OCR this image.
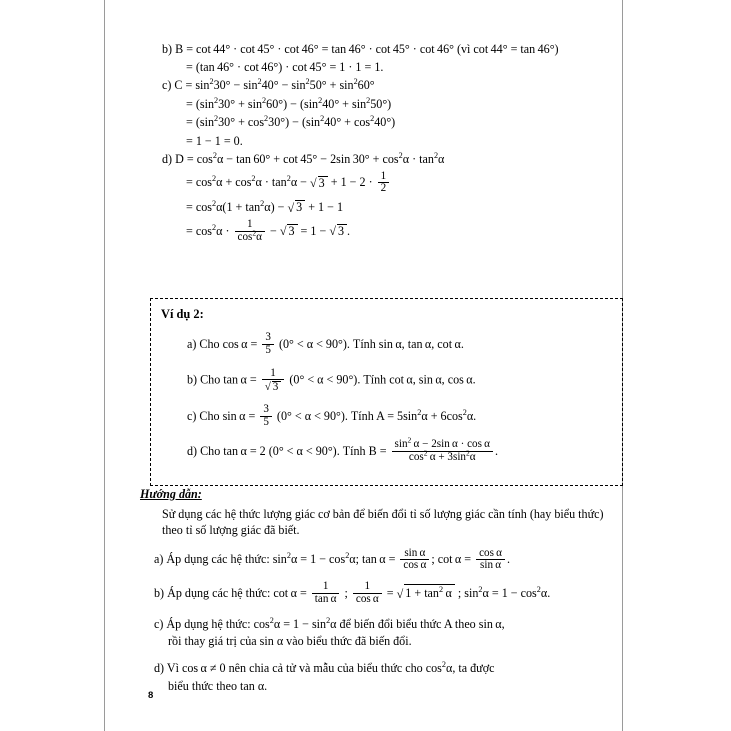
b) B = cot 44° · cot 45° · cot 46° = tan 46° · cot 45° · cot 46° (vì cot 44° = tan 46°)
= (tan 46° · cot 46°) · cot 45° = 1 · 1 = 1.
c) $C = \sin^230^\circ - \sin^240^\circ - \sin^250^\circ + \sin^260^\circ$
= $(\sin^230^\circ + \sin^260^\circ) - (\sin^240^\circ + \sin^250^\circ)$
= $(\sin^230^\circ + \cos^230^\circ) - (\sin^240^\circ + \cos^240^\circ)$
= 1 − 1 = 0.
d) $D = \cos^2\alpha - \tan 60^\circ + \cot 45^\circ - 2\sin$ $30^\circ + \cos^2\alpha \cdot \tan^2\alpha$
= $\cos^2\alpha + \cos^2\alpha \cdot \tan^2\alpha$ − √ $3 + 1 - 2 \cdot \frac{1}{2}$
= $\cos^2\alpha(1 + \tan^2\alpha)$ − √ 3 + 1 − 1
= $\cos^2\alpha \cdot \frac{1}{\cos^2\alpha}$ − √ 3 = 1 − √ 3 .
Ví dụ 2:
a) Cho $\cos \alpha = \frac{3}{5} (0^\circ < \alpha < 90^\circ)$. Tính sin α, tan α, cot α.
b) Cho $\tan \alpha = \frac{1}{√ 3} (0^\circ < \alpha < 90^\circ)$. Tính cot α, sin α, cos α.
c) Cho $\sin \alpha = \frac{3}{5} (0^\circ < \alpha < 90^\circ)$. Tính $A = 5\sin^2\alpha + 6\cos^2\alpha$.
d) Cho tan α = 2 (0° < α < 90°). Tính $B = \frac{\sin^2 \alpha - 2\sin \alpha \cdot \cos \alpha}{\cos^2 \alpha + 3\sin^2\alpha}$ .
Hướng dẫn:
Sử dụng các hệ thức lượng giác cơ bản để biến đổi tỉ số lượng giác cần tính (hay biểu thức) theo tỉ số lượng giác đã biết.
a) Áp dụng các hệ thức: $\sin^2\alpha = 1 - \cos^2\alpha$; $\tan \alpha = \frac{\text{sin α}}{\text{cos α}}$ ; $\cot \alpha = \frac{\text{cos α}}{\text{sin α}}$ .
b) Áp dụng các hệ thức: $\cot \alpha = \frac{1}{\text{tan α}}$ ; $\frac{1}{\text{cos α}}$ = √ $1 + \tan^2 \alpha$ ; $\sin^2\alpha = 1 - \cos^2\alpha$.
c) Áp dụng hệ thức: $\cos^2\alpha = 1 - \sin^2\alpha$ để biến đổi biểu thức A theo sin α,
rồi thay giá trị của sin α vào biểu thức đã biến đổi.
d) Vì cos α ≠ 0 nên chia cả tử và mẫu của biểu thức cho $\cos^2\alpha$, ta được
biểu thức theo tan α.
8
